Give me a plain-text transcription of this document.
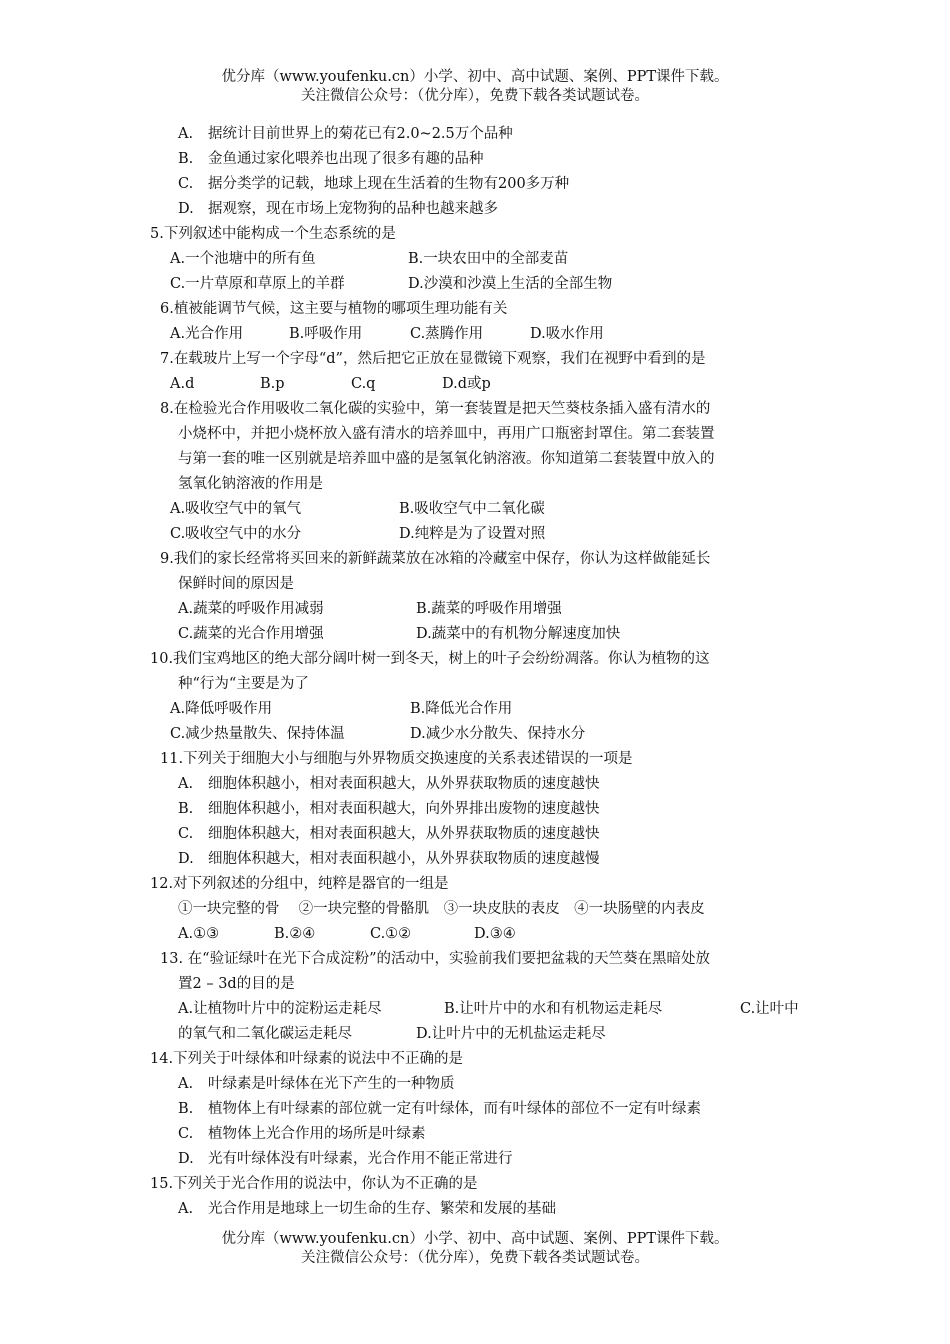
优分库（www.youfenku.cn）小学、初中、高中试题、案例、PPT课件下载。
关注微信公众号：（优分库），免费下载各类试题试卷。
A. 据统计目前世界上的菊花已有2.0~2.5万个品种
B. 金鱼通过家化喂养也出现了很多有趣的品种
C. 据分类学的记载，地球上现在生活着的生物有200多万种
D. 据观察，现在市场上宠物狗的品种也越来越多
5.下列叙述中能构成一个生态系统的是
A.一个池塘中的所有鱼	B.一块农田中的全部麦苗
C.一片草原和草原上的羊群	D.沙漠和沙漠上生活的全部生物
6.植被能调节气候，这主要与植物的哪项生理功能有关
A.光合作用	B.呼吸作用	C.蒸腾作用	D.吸水作用
7.在载玻片上写一个字母“d”，然后把它正放在显微镜下观察，我们在视野中看到的是
A.d	B.p	C.q	D.d或p
8.在检验光合作用吸收二氧化碳的实验中，第一套装置是把天竺葵枝条插入盛有清水的
小烧杯中，并把小烧杯放入盛有清水的培养皿中，再用广口瓶密封罩住。第二套装置
与第一套的唯一区别就是培养皿中盛的是氢氧化钠溶液。你知道第二套装置中放入的
氢氧化钠溶液的作用是
A.吸收空气中的氧气	B.吸收空气中二氧化碳
C.吸收空气中的水分	D.纯粹是为了设置对照
9.我们的家长经常将买回来的新鲜蔬菜放在冰箱的冷藏室中保存，你认为这样做能延长
保鲜时间的原因是
A.蔬菜的呼吸作用减弱	B.蔬菜的呼吸作用增强
C.蔬菜的光合作用增强	D.蔬菜中的有机物分解速度加快
10.我们宝鸡地区的绝大部分阔叶树一到冬天，树上的叶子会纷纷凋落。你认为植物的这
种“行为“主要是为了
A.降低呼吸作用	B.降低光合作用
C.减少热量散失、保持体温	D.减少水分散失、保持水分
11.下列关于细胞大小与细胞与外界物质交换速度的关系表述错误的一项是
A. 细胞体积越小，相对表面积越大，从外界获取物质的速度越快
B. 细胞体积越小，相对表面积越大，向外界排出废物的速度越快
C. 细胞体积越大，相对表面积越大，从外界获取物质的速度越快
D. 细胞体积越大，相对表面积越小，从外界获取物质的速度越慢
12.对下列叙述的分组中，纯粹是器官的一组是
①一块完整的骨　 ②一块完整的骨骼肌　③一块皮肤的表皮　④一块肠壁的内表皮
A.①③	B.②④	C.①②	D.③④
13. 在“验证绿叶在光下合成淀粉”的活动中，实验前我们要把盆栽的天竺葵在黑暗处放
置2 – 3d的目的是
A.让植物叶片中的淀粉运走耗尽	B.让叶片中的水和有机物运走耗尽	C.让叶中
的氧气和二氧化碳运走耗尽	D.让叶片中的无机盐运走耗尽
14.下列关于叶绿体和叶绿素的说法中不正确的是
A. 叶绿素是叶绿体在光下产生的一种物质
B. 植物体上有叶绿素的部位就一定有叶绿体，而有叶绿体的部位不一定有叶绿素
C. 植物体上光合作用的场所是叶绿素
D. 光有叶绿体没有叶绿素，光合作用不能正常进行
15.下列关于光合作用的说法中，你认为不正确的是
A. 光合作用是地球上一切生命的生存、繁荣和发展的基础
优分库（www.youfenku.cn）小学、初中、高中试题、案例、PPT课件下载。
关注微信公众号：（优分库），免费下载各类试题试卷。
